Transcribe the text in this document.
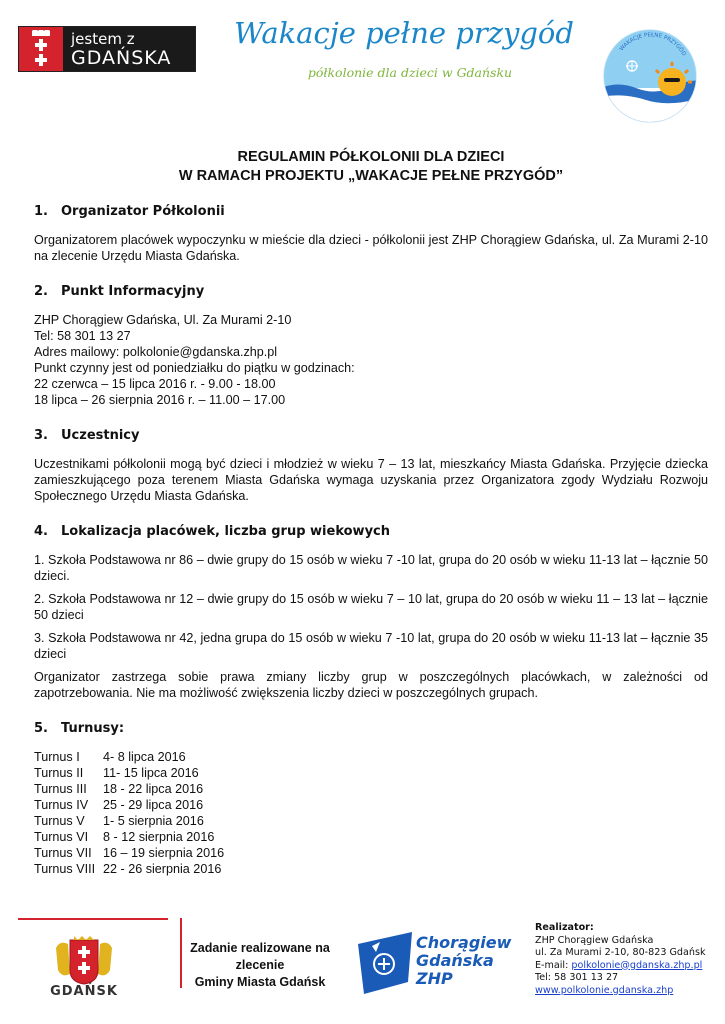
jestem z
GDAŃSKA
Wakacje pełne przygód
półkolonie dla dzieci w Gdańsku
WAKACJE PEŁNE PRZYGÓD
REGULAMIN PÓŁKOLONII DLA DZIECI
W RAMACH PROJEKTU „WAKACJE PEŁNE PRZYGÓD”
1. Organizator Półkolonii

Organizatorem placówek wypoczynku w mieście dla dzieci - półkolonii jest ZHP Chorągiew Gdańska, ul. Za Murami 2-10 na zlecenie Urzędu Miasta Gdańska.

2. Punkt Informacyjny
ZHP Chorągiew Gdańska, Ul. Za Murami 2-10
Tel: 58 301 13 27
Adres mailowy: polkolonie@gdanska.zhp.pl
Punkt czynny jest od poniedziałku do piątku w godzinach:
22 czerwca – 15 lipca 2016 r. - 9.00 - 18.00
18 lipca – 26 sierpnia 2016 r. – 11.00 – 17.00
3. Uczestnicy

Uczestnikami półkolonii mogą być dzieci i młodzież w wieku 7 – 13 lat, mieszkańcy Miasta Gdańska. Przyjęcie dziecka zamieszkującego poza terenem Miasta Gdańska wymaga uzyskania przez Organizatora zgody Wydziału Rozwoju Społecznego Urzędu Miasta Gdańska.

4. Lokalizacja placówek, liczba grup wiekowych

1. Szkoła Podstawowa nr 86 – dwie grupy do 15 osób w wieku 7 -10 lat, grupa do 20 osób w wieku 11-13 lat – łącznie 50 dzieci.

2. Szkoła Podstawowa nr 12 – dwie grupy do 15 osób w wieku 7 – 10 lat, grupa do 20 osób w wieku 11 – 13 lat – łącznie 50 dzieci

3. Szkoła Podstawowa nr 42, jedna grupa do 15 osób w wieku 7 -10 lat, grupa do 20 osób w wieku 11-13 lat – łącznie 35 dzieci

Organizator zastrzega sobie prawa zmiany liczby grup w poszczególnych placówkach, w zależności od zapotrzebowania. Nie ma możliwość zwiększenia liczby dzieci w poszczególnych grupach.

5. Turnusy:
Turnus I	4- 8 lipca 2016
Turnus II	11- 15 lipca 2016
Turnus III	18 - 22 lipca 2016
Turnus IV	25 - 29 lipca 2016
Turnus V	1- 5 sierpnia 2016
Turnus VI	8 - 12 sierpnia 2016
Turnus VII 16 – 19 sierpnia 2016
Turnus VIII 22 - 26 sierpnia 2016
GDAŃSK
Zadanie realizowane na
zlecenie
Gminy Miasta Gdańsk
Chorągiew
Gdańska
ZHP
Realizator:
ZHP Chorągiew Gdańska
ul. Za Murami 2-10, 80-823 Gdańsk
E-mail: polkolonie@gdanska.zhp.pl
Tel: 58 301 13 27
www.polkolonie.gdanska.zhp
